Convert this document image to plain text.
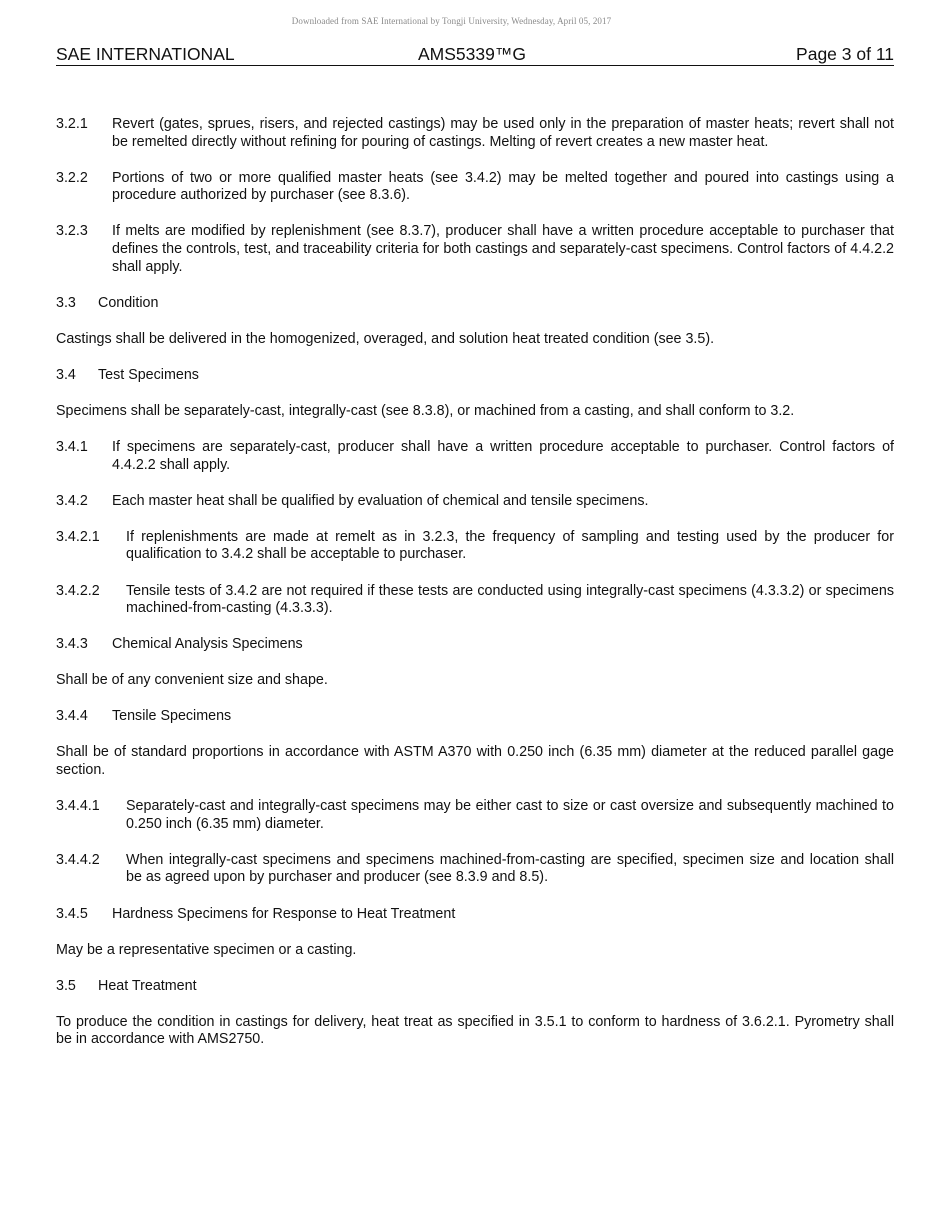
Downloaded from SAE International by Tongji University, Wednesday, April 05, 2017
SAE INTERNATIONAL	AMS5339™G	Page 3 of 11
3.2.1 Revert (gates, sprues, risers, and rejected castings) may be used only in the preparation of master heats; revert shall not be remelted directly without refining for pouring of castings. Melting of revert creates a new master heat.
3.2.2 Portions of two or more qualified master heats (see 3.4.2) may be melted together and poured into castings using a procedure authorized by purchaser (see 8.3.6).
3.2.3 If melts are modified by replenishment (see 8.3.7), producer shall have a written procedure acceptable to purchaser that defines the controls, test, and traceability criteria for both castings and separately-cast specimens. Control factors of 4.4.2.2 shall apply.
3.3 Condition
Castings shall be delivered in the homogenized, overaged, and solution heat treated condition (see 3.5).
3.4 Test Specimens
Specimens shall be separately-cast, integrally-cast (see 8.3.8), or machined from a casting, and shall conform to 3.2.
3.4.1 If specimens are separately-cast, producer shall have a written procedure acceptable to purchaser. Control factors of 4.4.2.2 shall apply.
3.4.2 Each master heat shall be qualified by evaluation of chemical and tensile specimens.
3.4.2.1 If replenishments are made at remelt as in 3.2.3, the frequency of sampling and testing used by the producer for qualification to 3.4.2 shall be acceptable to purchaser.
3.4.2.2 Tensile tests of 3.4.2 are not required if these tests are conducted using integrally-cast specimens (4.3.3.2) or specimens machined-from-casting (4.3.3.3).
3.4.3 Chemical Analysis Specimens
Shall be of any convenient size and shape.
3.4.4 Tensile Specimens
Shall be of standard proportions in accordance with ASTM A370 with 0.250 inch (6.35 mm) diameter at the reduced parallel gage section.
3.4.4.1 Separately-cast and integrally-cast specimens may be either cast to size or cast oversize and subsequently machined to 0.250 inch (6.35 mm) diameter.
3.4.4.2 When integrally-cast specimens and specimens machined-from-casting are specified, specimen size and location shall be as agreed upon by purchaser and producer (see 8.3.9 and 8.5).
3.4.5 Hardness Specimens for Response to Heat Treatment
May be a representative specimen or a casting.
3.5 Heat Treatment
To produce the condition in castings for delivery, heat treat as specified in 3.5.1 to conform to hardness of 3.6.2.1. Pyrometry shall be in accordance with AMS2750.
